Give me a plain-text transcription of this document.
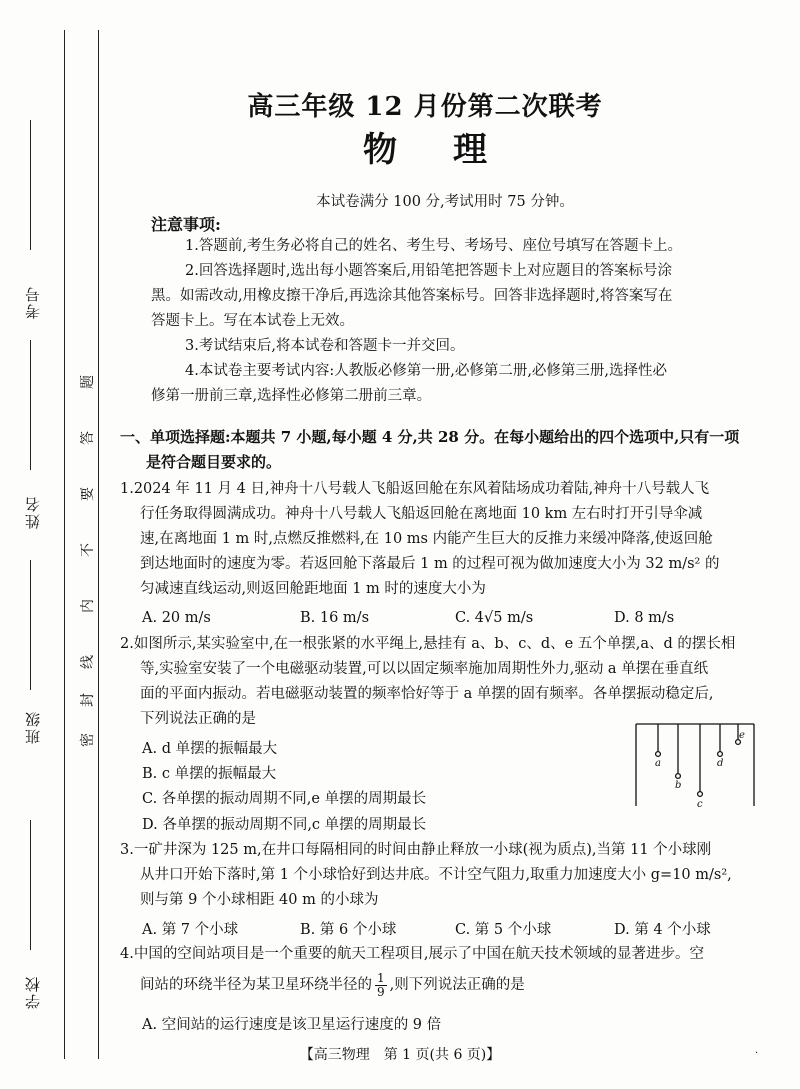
考号
姓名
班级
学校
题
答
要
不
内
线
封
密
高三年级 12 月份第二次联考
物理
本试卷满分 100 分,考试用时 75 分钟。
注意事项:
1.答题前,考生务必将自己的姓名、考生号、考场号、座位号填写在答题卡上。
2.回答选择题时,选出每小题答案后,用铅笔把答题卡上对应题目的答案标号涂
黑。如需改动,用橡皮擦干净后,再选涂其他答案标号。回答非选择题时,将答案写在
答题卡上。写在本试卷上无效。
3.考试结束后,将本试卷和答题卡一并交回。
4.本试卷主要考试内容:人教版必修第一册,必修第二册,必修第三册,选择性必
修第一册前三章,选择性必修第二册前三章。
一、单项选择题:本题共 7 小题,每小题 4 分,共 28 分。在每小题给出的四个选项中,只有一项
是符合题目要求的。
1.2024 年 11 月 4 日,神舟十八号载人飞船返回舱在东风着陆场成功着陆,神舟十八号载人飞
行任务取得圆满成功。神舟十八号载人飞船返回舱在离地面 10 km 左右时打开引导伞减
速,在离地面 1 m 时,点燃反推燃料,在 10 ms 内能产生巨大的反推力来缓冲降落,使返回舱
到达地面时的速度为零。若返回舱下落最后 1 m 的过程可视为做加速度大小为 32 m/s² 的
匀减速直线运动,则返回舱距地面 1 m 时的速度大小为
A. 20 m/s	B. 16 m/s	C. 4√5 m/s	D. 8 m/s
2.如图所示,某实验室中,在一根张紧的水平绳上,悬挂有 a、b、c、d、e 五个单摆,a、d 的摆长相
等,实验室安装了一个电磁驱动装置,可以以固定频率施加周期性外力,驱动 a 单摆在垂直纸
面的平面内振动。若电磁驱动装置的频率恰好等于 a 单摆的固有频率。各单摆振动稳定后,
下列说法正确的是
A. d 单摆的振幅最大
B. c 单摆的振幅最大
C. 各单摆的振动周期不同,e 单摆的周期最长
D. 各单摆的振动周期不同,c 单摆的周期最长
a
b
c
d
e
3.一矿井深为 125 m,在井口每隔相同的时间由静止释放一小球(视为质点),当第 11 个小球刚
从井口开始下落时,第 1 个小球恰好到达井底。不计空气阻力,取重力加速度大小 g=10 m/s²,
则与第 9 个小球相距 40 m 的小球为
A. 第 7 个小球	B. 第 6 个小球	C. 第 5 个小球	D. 第 4 个小球
4.中国的空间站项目是一个重要的航天工程项目,展示了中国在航天技术领域的显著进步。空
间站的环绕半径为某卫星环绕半径的 $\frac{1}{9}$ ,则下列说法正确的是
A. 空间站的运行速度是该卫星运行速度的 9 倍
【高三物理　第 1 页(共 6 页)】	·
